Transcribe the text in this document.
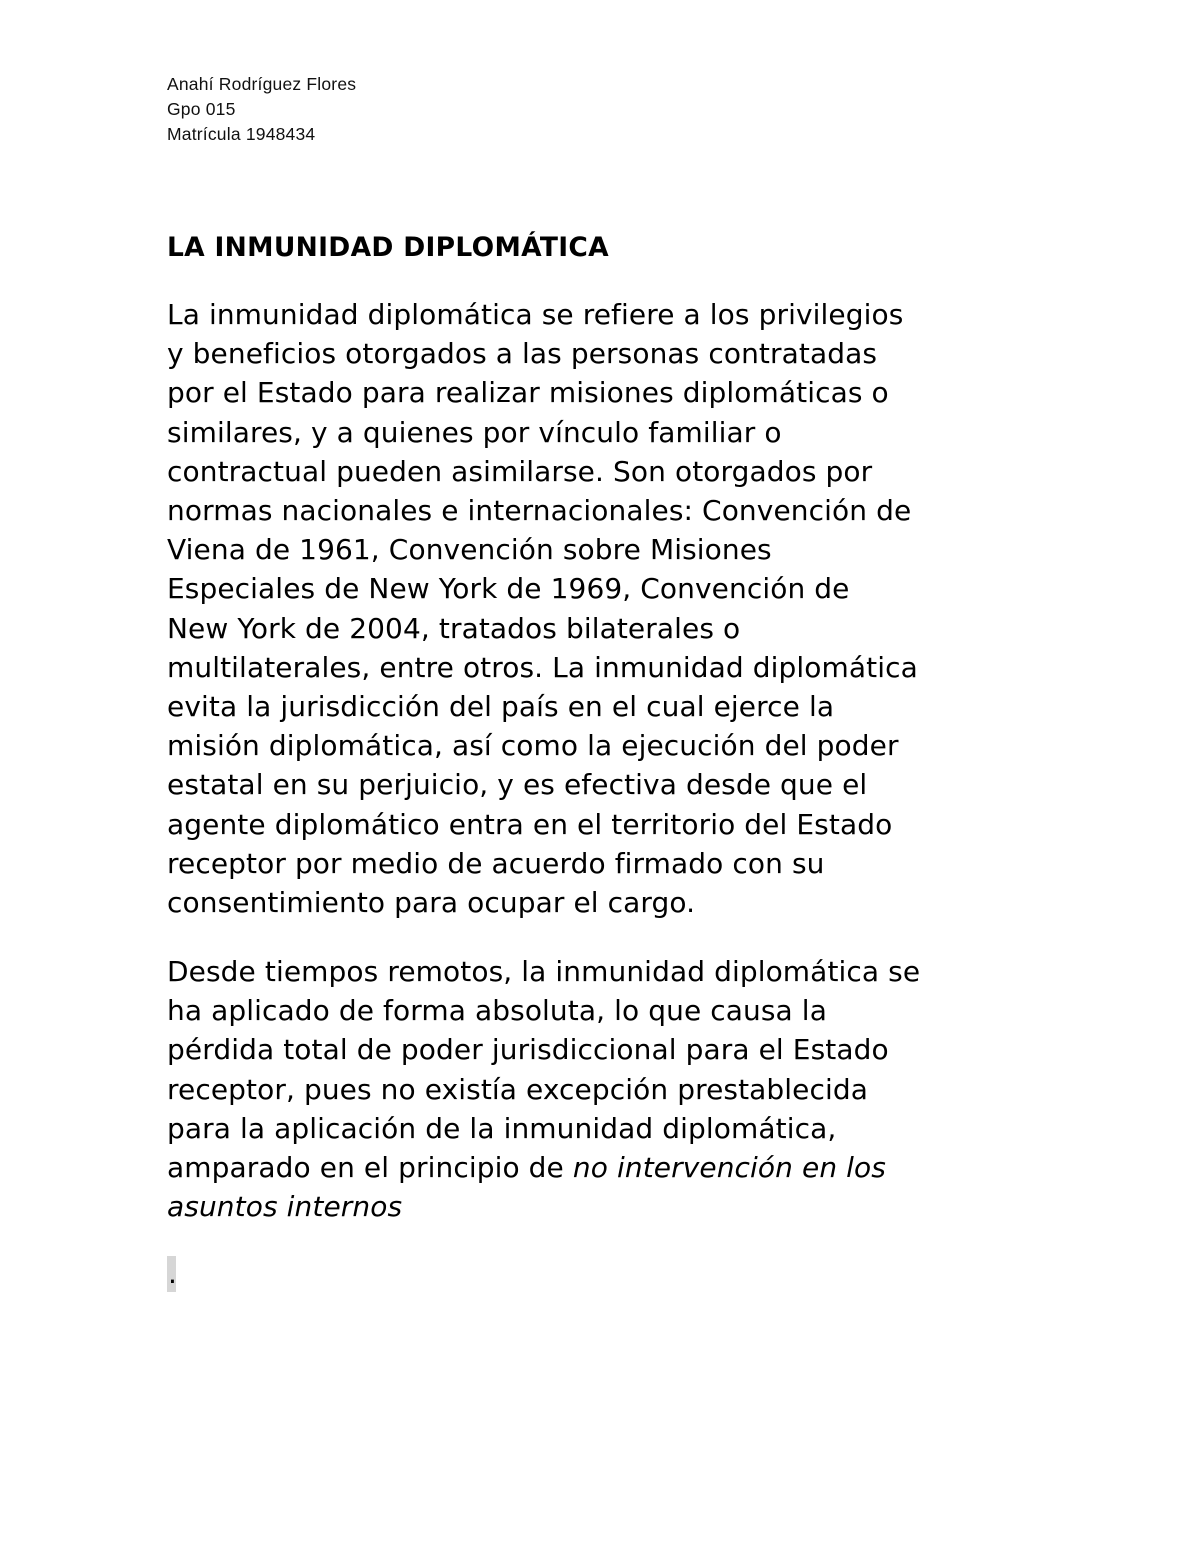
Anahí Rodríguez Flores
Gpo 015
Matrícula 1948434
LA INMUNIDAD DIPLOMÁTICA

La inmunidad diplomática se refiere a los privilegios
y beneficios otorgados a las personas contratadas
por el Estado para realizar misiones diplomáticas o
similares, y a quienes por vínculo familiar o
contractual pueden asimilarse. Son otorgados por
normas nacionales e internacionales: Convención de
Viena de 1961, Convención sobre Misiones
Especiales de New York de 1969, Convención de
New York de 2004, tratados bilaterales o
multilaterales, entre otros. La inmunidad diplomática
evita la jurisdicción del país en el cual ejerce la
misión diplomática, así como la ejecución del poder
estatal en su perjuicio, y es efectiva desde que el
agente diplomático entra en el territorio del Estado
receptor por medio de acuerdo firmado con su
consentimiento para ocupar el cargo.

Desde tiempos remotos, la inmunidad diplomática se
ha aplicado de forma absoluta, lo que causa la
pérdida total de poder jurisdiccional para el Estado
receptor, pues no existía excepción prestablecida
para la aplicación de la inmunidad diplomática,
amparado en el principio de no intervención en los
asuntos internos

.
